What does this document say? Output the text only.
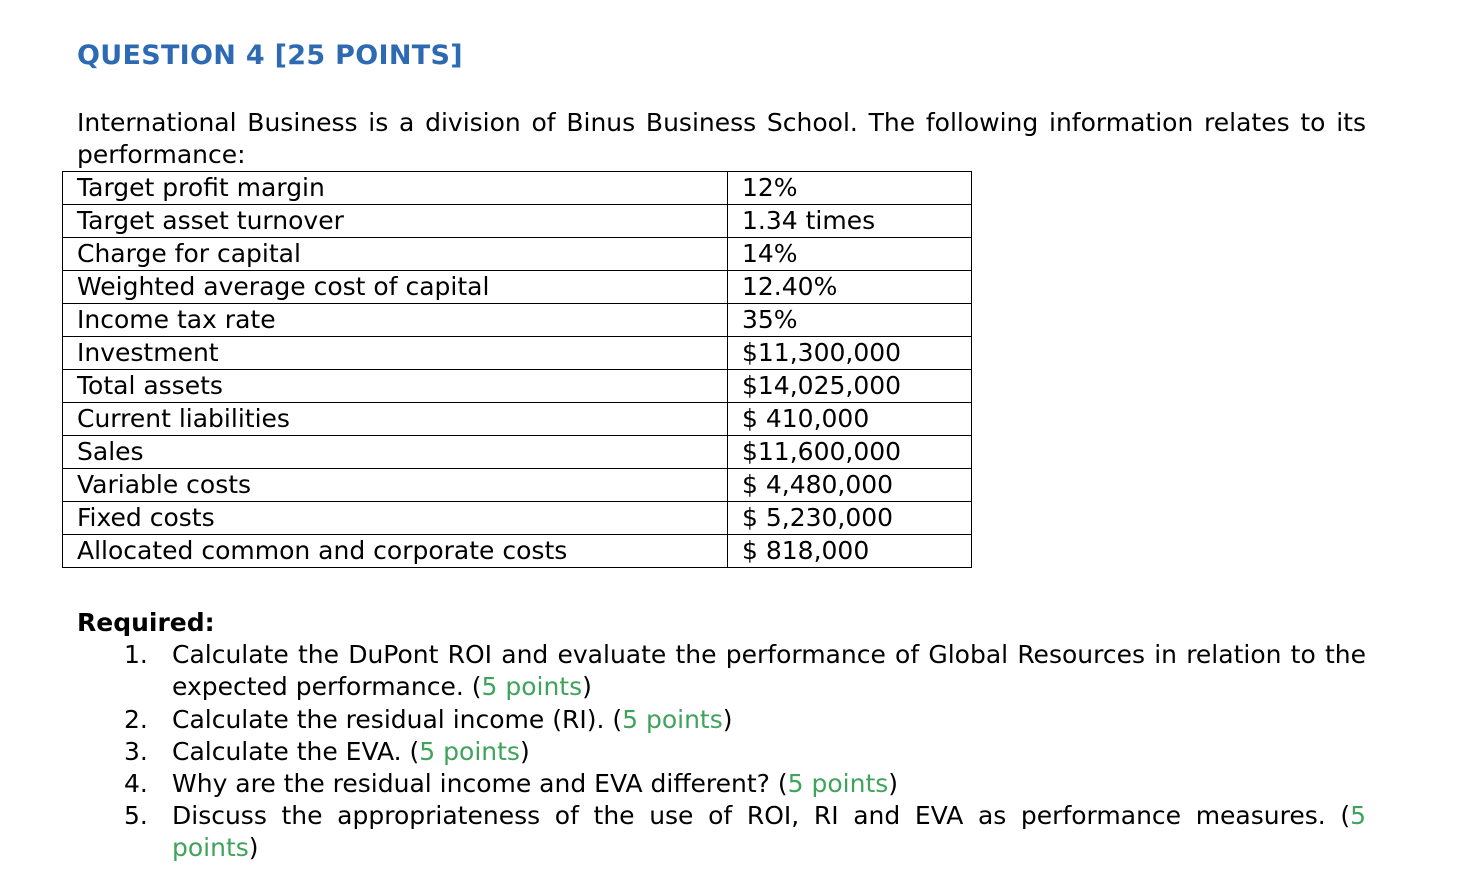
QUESTION 4 [25 POINTS]
International Business is a division of Binus Business School. The following information relates to its performance:
Target profit margin	12%
Target asset turnover	1.34 times
Charge for capital	14%
Weighted average cost of capital	12.40%
Income tax rate	35%
Investment	$11,300,000
Total assets	$14,025,000
Current liabilities	$ 410,000
Sales	$11,600,000
Variable costs	$ 4,480,000
Fixed costs	$ 5,230,000
Allocated common and corporate costs	$ 818,000
Required:
1. Calculate the DuPont ROI and evaluate the performance of Global Resources in relation to the expected performance. (5 points)
2. Calculate the residual income (RI). (5 points)
3. Calculate the EVA. (5 points)
4. Why are the residual income and EVA different? (5 points)
5. Discuss the appropriateness of the use of ROI, RI and EVA as performance measures. (5 points)
